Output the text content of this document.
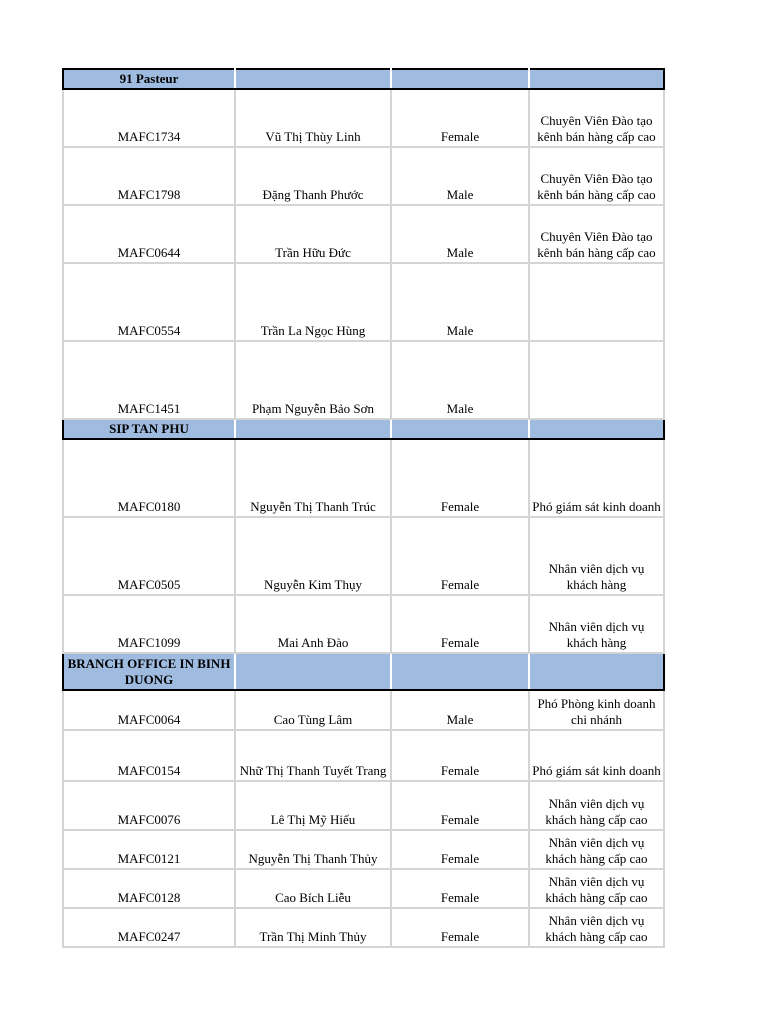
91 Pasteur			
MAFC1734	Vũ Thị Thùy Linh	Female	Chuyên Viên Đào tạo kênh bán hàng cấp cao
MAFC1798	Đặng Thanh Phước	Male	Chuyên Viên Đào tạo kênh bán hàng cấp cao
MAFC0644	Trần Hữu Đức	Male	Chuyên Viên Đào tạo kênh bán hàng cấp cao
MAFC0554	Trần La Ngọc Hùng	Male	
MAFC1451	Phạm Nguyễn Bảo Sơn	Male	
SIP TAN PHU			
MAFC0180	Nguyễn Thị Thanh Trúc	Female	Phó giám sát kinh doanh
MAFC0505	Nguyễn Kim Thụy	Female	Nhân viên dịch vụ khách hàng
MAFC1099	Mai Anh Đào	Female	Nhân viên dịch vụ khách hàng
BRANCH OFFICE IN BINH DUONG			
MAFC0064	Cao Tùng Lâm	Male	Phó Phòng kinh doanh chi nhánh
MAFC0154	Nhữ Thị Thanh Tuyết Trang	Female	Phó giám sát kinh doanh
MAFC0076	Lê Thị Mỹ Hiếu	Female	Nhân viên dịch vụ khách hàng cấp cao
MAFC0121	Nguyễn Thị Thanh Thủy	Female	Nhân viên dịch vụ khách hàng cấp cao
MAFC0128	Cao Bích Liễu	Female	Nhân viên dịch vụ khách hàng cấp cao
MAFC0247	Trần Thị Minh Thủy	Female	Nhân viên dịch vụ khách hàng cấp cao
